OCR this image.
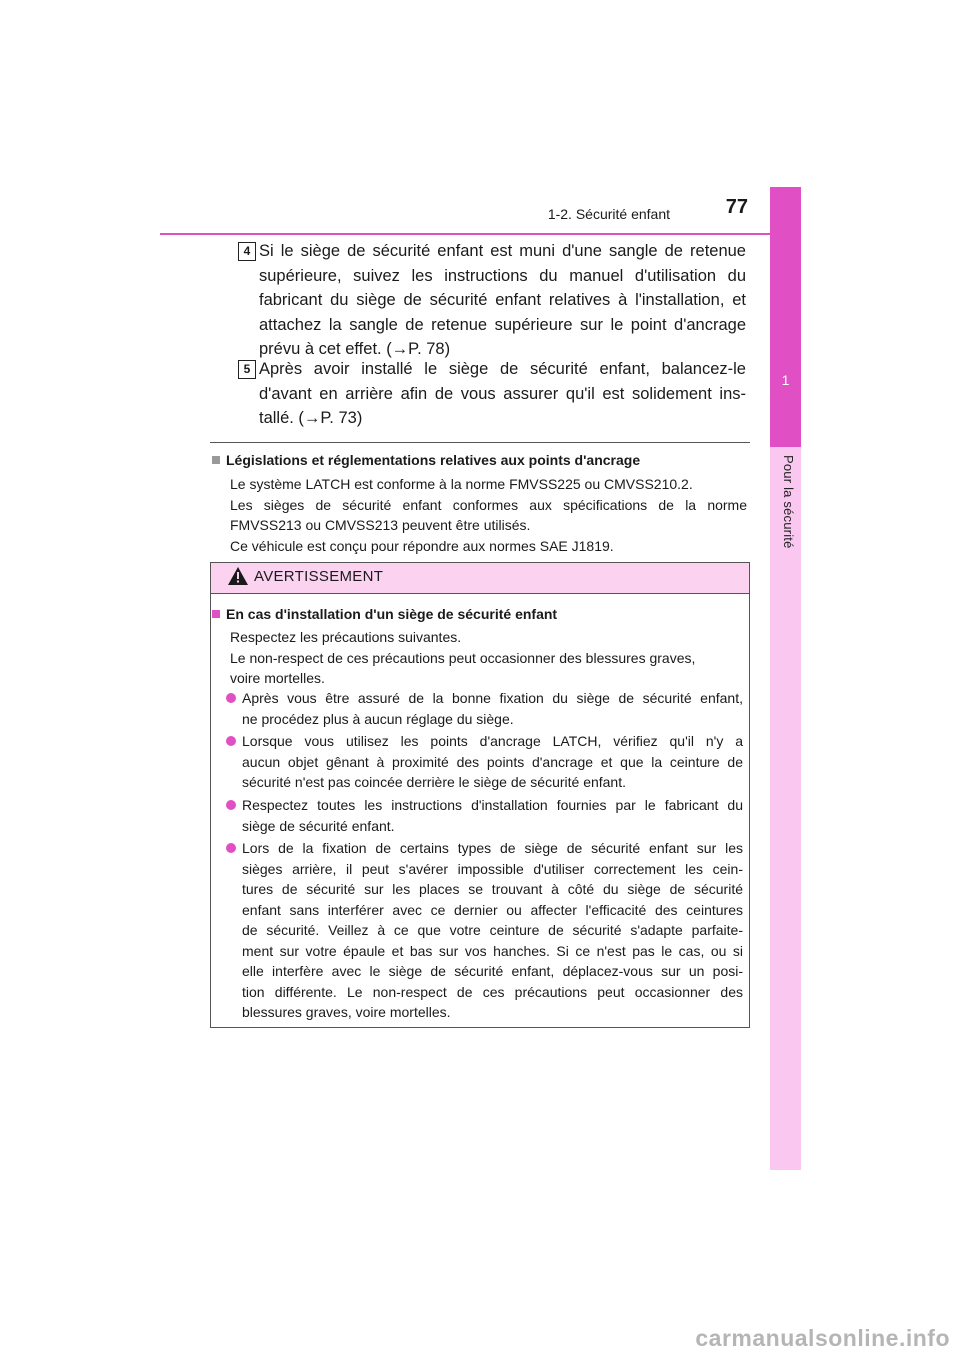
1
Pour la sécurité
1-2. Sécurité enfant	77
4 Si le siège de sécurité enfant est muni d'une sangle de retenue
supérieure, suivez les instructions du manuel d'utilisation du
fabricant du siège de sécurité enfant relatives à l'installation, et
attachez la sangle de retenue supérieure sur le point d'ancrage
prévu à cet effet. (→P. 78)
5 Après avoir installé le siège de sécurité enfant, balancez-le
d'avant en arrière afin de vous assurer qu'il est solidement ins-
tallé. (→P. 73)
Législations et réglementations relatives aux points d'ancrage
Le système LATCH est conforme à la norme FMVSS225 ou CMVSS210.2.
Les sièges de sécurité enfant conformes aux spécifications de la norme
FMVSS213 ou CMVSS213 peuvent être utilisés.
Ce véhicule est conçu pour répondre aux normes SAE J1819.
AVERTISSEMENT
En cas d'installation d'un siège de sécurité enfant
Respectez les précautions suivantes.
Le non-respect de ces précautions peut occasionner des blessures graves,
voire mortelles.
Après vous être assuré de la bonne fixation du siège de sécurité enfant,
ne procédez plus à aucun réglage du siège.
Lorsque vous utilisez les points d'ancrage LATCH, vérifiez qu'il n'y a
aucun objet gênant à proximité des points d'ancrage et que la ceinture de
sécurité n'est pas coincée derrière le siège de sécurité enfant.
Respectez toutes les instructions d'installation fournies par le fabricant du
siège de sécurité enfant.
Lors de la fixation de certains types de siège de sécurité enfant sur les
sièges arrière, il peut s'avérer impossible d'utiliser correctement les cein-
tures de sécurité sur les places se trouvant à côté du siège de sécurité
enfant sans interférer avec ce dernier ou affecter l'efficacité des ceintures
de sécurité. Veillez à ce que votre ceinture de sécurité s'adapte parfaite-
ment sur votre épaule et bas sur vos hanches. Si ce n'est pas le cas, ou si
elle interfère avec le siège de sécurité enfant, déplacez-vous sur un posi-
tion différente. Le non-respect de ces précautions peut occasionner des
blessures graves, voire mortelles.
carmanualsonline.info
